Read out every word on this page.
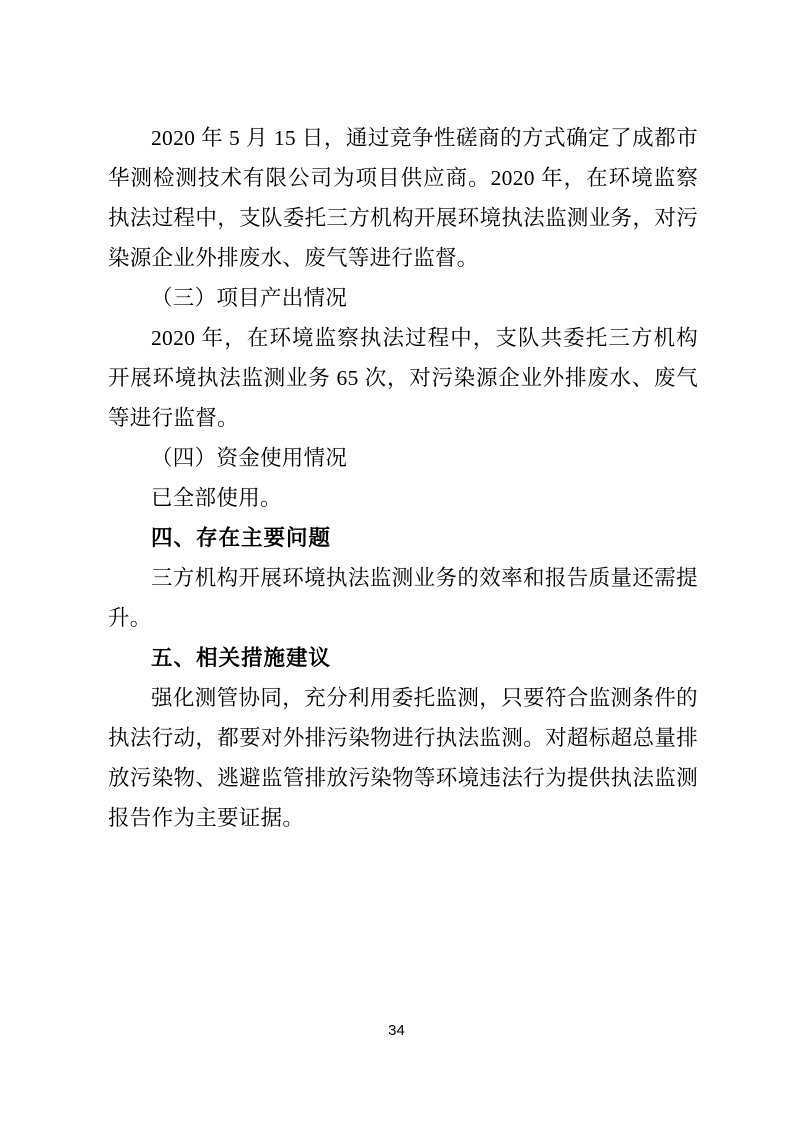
2020 年 5 月 15 日，通过竞争性磋商的方式确定了成都市华测检测技术有限公司为项目供应商。2020 年，在环境监察执法过程中，支队委托三方机构开展环境执法监测业务，对污染源企业外排废水、废气等进行监督。

（三）项目产出情况

2020 年，在环境监察执法过程中，支队共委托三方机构开展环境执法监测业务 65 次，对污染源企业外排废水、废气等进行监督。

（四）资金使用情况

已全部使用。

四、存在主要问题

三方机构开展环境执法监测业务的效率和报告质量还需提升。

五、相关措施建议

强化测管协同，充分利用委托监测，只要符合监测条件的执法行动，都要对外排污染物进行执法监测。对超标超总量排放污染物、逃避监管排放污染物等环境违法行为提供执法监测报告作为主要证据。

34
